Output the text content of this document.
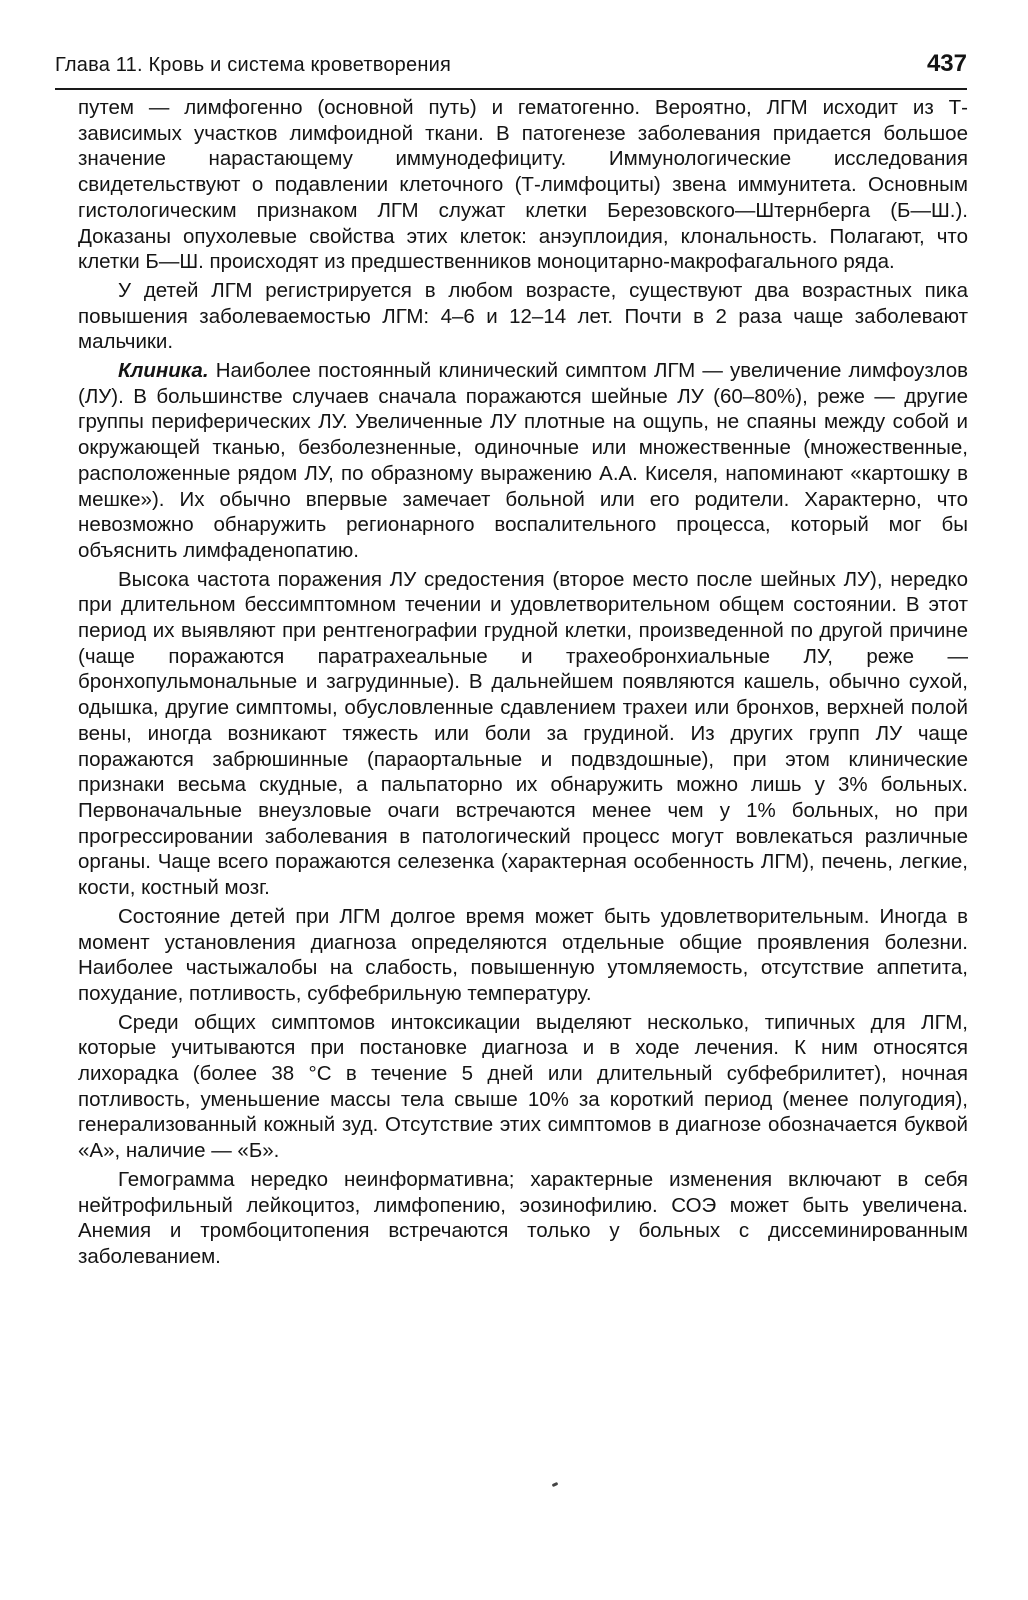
Глава 11. Кровь и система кроветворения	437

путем — лимфогенно (основной путь) и гематогенно. Вероятно, ЛГМ исходит из Т-зависимых участков лимфоидной ткани. В патогенезе заболевания придается большое значение нарастающему иммунодефициту. Иммунологические исследования свидетельствуют о подавлении клеточного (Т-лимфоциты) звена иммунитета. Основным гистологическим признаком ЛГМ служат клетки Березовского—Штернберга (Б—Ш.). Доказаны опухолевые свойства этих клеток: анэуплоидия, клональность. Полагают, что клетки Б—Ш. происходят из предшественников моноцитарно-макрофагального ряда.

У детей ЛГМ регистрируется в любом возрасте, существуют два возрастных пика повышения заболеваемостью ЛГМ: 4–6 и 12–14 лет. Почти в 2 раза чаще заболевают мальчики.

Клиника. Наиболее постоянный клинический симптом ЛГМ — увеличение лимфоузлов (ЛУ). В большинстве случаев сначала поражаются шейные ЛУ (60–80%), реже — другие группы периферических ЛУ. Увеличенные ЛУ плотные на ощупь, не спаяны между собой и окружающей тканью, безболезненные, одиночные или множественные (множественные, расположенные рядом ЛУ, по образному выражению А.А. Киселя, напоминают «картошку в мешке»). Их обычно впервые замечает больной или его родители. Характерно, что невозможно обнаружить регионарного воспалительного процесса, который мог бы объяснить лимфаденопатию.

Высока частота поражения ЛУ средостения (второе место после шейных ЛУ), нередко при длительном бессимптомном течении и удовлетворительном общем состоянии. В этот период их выявляют при рентгенографии грудной клетки, произведенной по другой причине (чаще поражаются паратрахеальные и трахеобронхиальные ЛУ, реже — бронхопульмональные и загрудинные). В дальнейшем появляются кашель, обычно сухой, одышка, другие симптомы, обусловленные сдавлением трахеи или бронхов, верхней полой вены, иногда возникают тяжесть или боли за грудиной. Из других групп ЛУ чаще поражаются забрюшинные (параортальные и подвздошные), при этом клинические признаки весьма скудные, а пальпаторно их обнаружить можно лишь у 3% больных. Первоначальные внеузловые очаги встречаются менее чем у 1% больных, но при прогрессировании заболевания в патологический процесс могут вовлекаться различные органы. Чаще всего поражаются селезенка (характерная особенность ЛГМ), печень, легкие, кости, костный мозг.

Состояние детей при ЛГМ долгое время может быть удовлетворительным. Иногда в момент установления диагноза определяются отдельные общие проявления болезни. Наиболее частыжалобы на слабость, повышенную утомляемость, отсутствие аппетита, похудание, потливость, субфебрильную температуру.

Среди общих симптомов интоксикации выделяют несколько, типичных для ЛГМ, которые учитываются при постановке диагноза и в ходе лечения. К ним относятся лихорадка (более 38 °С в течение 5 дней или длительный субфебрилитет), ночная потливость, уменьшение массы тела свыше 10% за короткий период (менее полугодия), генерализованный кожный зуд. Отсутствие этих симптомов в диагнозе обозначается буквой «А», наличие — «Б».

Гемограмма нередко неинформативна; характерные изменения включают в себя нейтрофильный лейкоцитоз, лимфопению, эозинофилию. СОЭ может быть увеличена. Анемия и тромбоцитопения встречаются только у больных с диссеминированным заболеванием.
